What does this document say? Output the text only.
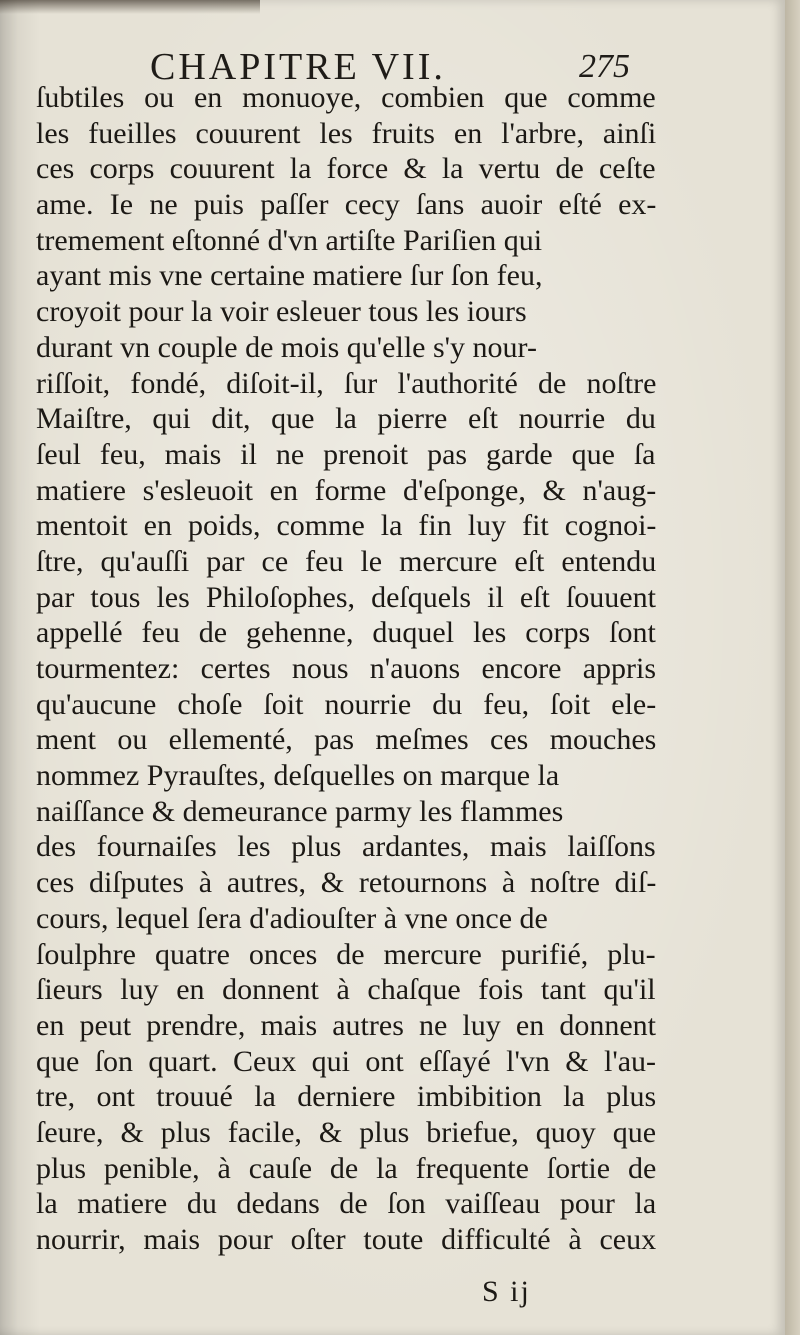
CHAPITRE VII.	275
ſubtiles ou en monuoye, combien que comme
les fueilles couurent les fruits en l'arbre, ainſi
ces corps couurent la force & la vertu de ceſte
ame. Ie ne puis paſſer cecy ſans auoir eſté ex-
tremement eſtonné d'vn artiſte Pariſien qui
ayant mis vne certaine matiere ſur ſon feu,
croyoit pour la voir esleuer tous les iours
durant vn couple de mois qu'elle s'y nour-
riſſoit, fondé, diſoit-il, ſur l'authorité de noſtre
Maiſtre, qui dit, que la pierre eſt nourrie du
ſeul feu, mais il ne prenoit pas garde que ſa
matiere s'esleuoit en forme d'eſponge, & n'aug-
mentoit en poids, comme la fin luy fit cognoi-
ſtre, qu'auſſi par ce feu le mercure eſt entendu
par tous les Philoſophes, deſquels il eſt ſouuent
appellé feu de gehenne, duquel les corps ſont
tourmentez: certes nous n'auons encore appris
qu'aucune choſe ſoit nourrie du feu, ſoit ele-
ment ou ellementé, pas meſmes ces mouches
nommez Pyrauſtes, deſquelles on marque la
naiſſance & demeurance parmy les flammes
des fournaiſes les plus ardantes, mais laiſſons
ces diſputes à autres, & retournons à noſtre diſ-
cours, lequel ſera d'adiouſter à vne once de
ſoulphre quatre onces de mercure purifié, plu-
ſieurs luy en donnent à chaſque fois tant qu'il
en peut prendre, mais autres ne luy en donnent
que ſon quart. Ceux qui ont eſſayé l'vn & l'au-
tre, ont trouué la derniere imbibition la plus
ſeure, & plus facile, & plus briefue, quoy que
plus penible, à cauſe de la frequente ſortie de
la matiere du dedans de ſon vaiſſeau pour la
nourrir, mais pour oſter toute difficulté à ceux
S ij
